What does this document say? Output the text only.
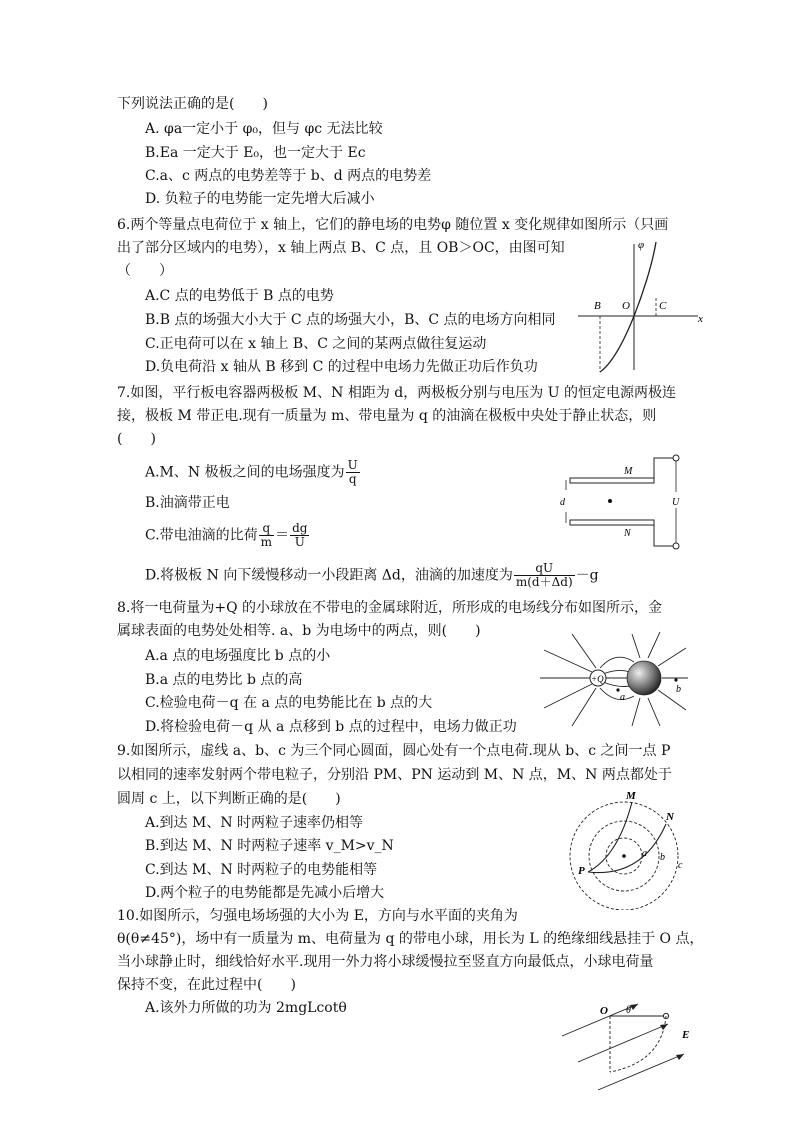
下列说法正确的是(　　)
A. φa一定小于 φ₀，但与 φc 无法比较
B.Ea 一定大于 E₀，也一定大于 Ec
C.a、c 两点的电势差等于 b、d 两点的电势差
D. 负粒子的电势能一定先增大后减小
6.两个等量点电荷位于 x 轴上，它们的静电场的电势φ 随位置 x 变化规律如图所示（只画
出了部分区域内的电势），x 轴上两点 B、C 点，且 OB＞OC，由图可知
（　　）
A.C 点的电势低于 B 点的电势
B.B 点的场强大小大于 C 点的场强大小，B、C 点的电场方向相同
C.正电荷可以在 x 轴上 B、C 之间的某两点做往复运动
D.负电荷沿 x 轴从 B 移到 C 的过程中电场力先做正功后作负功
φ
B O	C
x
7.如图，平行板电容器两极板 M、N 相距为 d，两极板分别与电压为 U 的恒定电源两极连
接，极板 M 带正电.现有一质量为 m、带电量为 q 的油滴在极板中央处于静止状态，则
(　　)
A.M、N 极板之间的电场强度为 $\frac{U}{q}$
B.油滴带正电
C.带电油滴的比荷 $\frac{q}{m} = \frac{dg}{U}$
D.将极板 N 向下缓慢移动一小段距离 Δd，油滴的加速度为 $\frac{qU}{m(d+\Delta d)} -g$
M
N
d	U
8.将一电荷量为+Q 的小球放在不带电的金属球附近，所形成的电场线分布如图所示，金
属球表面的电势处处相等. a、b 为电场中的两点，则(　　)
A.a 点的电场强度比 b 点的小
B.a 点的电势比 b 点的高
C.检验电荷－q 在 a 点的电势能比在 b 点的大
D.将检验电荷－q 从 a 点移到 b 点的过程中，电场力做正功
+Q
a
b
9.如图所示，虚线 a、b、c 为三个同心圆面，圆心处有一个点电荷.现从 b、c 之间一点 P
以相同的速率发射两个带电粒子，分别沿 PM、PN 运动到 M、N 点，M、N 两点都处于
圆周 c 上，以下判断正确的是(　　)
A.到达 M、N 时两粒子速率仍相等
B.到达 M、N 时两粒子速率 v_M>v_N
C.到达 M、N 时两粒子的电势能相等
D.两个粒子的电势能都是先减小后增大
M
N
P
a b
c
10.如图所示，匀强电场场强的大小为 E，方向与水平面的夹角为
θ(θ≠45°)，场中有一质量为 m、电荷量为 q 的带电小球，用长为 L 的绝缘细线悬挂于 O 点，
当小球静止时，细线恰好水平.现用一外力将小球缓慢拉至竖直方向最低点，小球电荷量
保持不变，在此过程中(　　)
A.该外力所做的功为 2mgLcotθ	O θ
E
